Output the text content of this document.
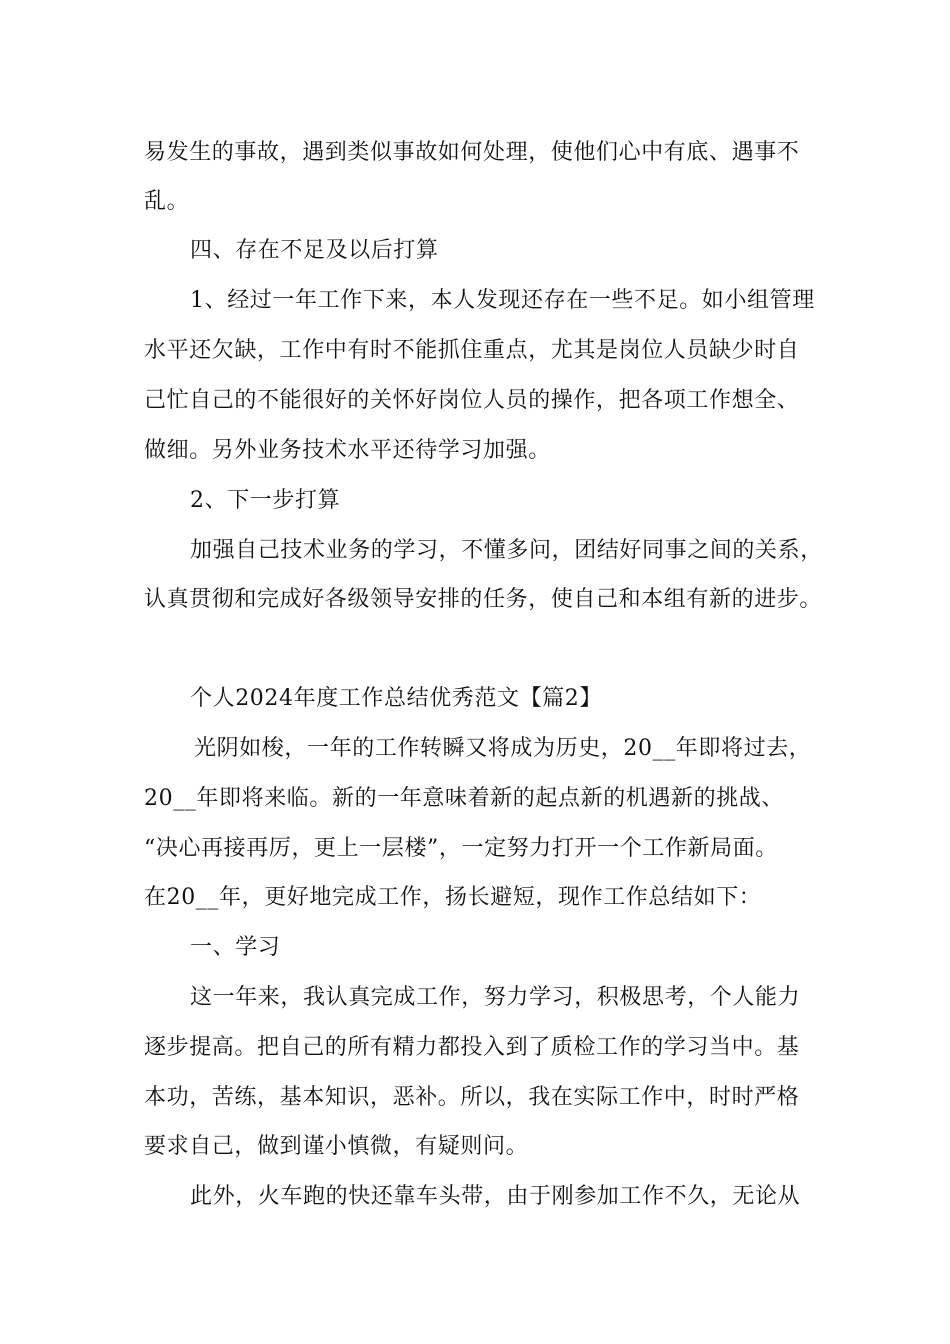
易发生的事故，遇到类似事故如何处理，使他们心中有底、遇事不
乱。
四、存在不足及以后打算
1、经过一年工作下来，本人发现还存在一些不足。如小组管理
水平还欠缺，工作中有时不能抓住重点，尤其是岗位人员缺少时自
己忙自己的不能很好的关怀好岗位人员的操作，把各项工作想全、
做细。另外业务技术水平还待学习加强。
2、下一步打算
加强自己技术业务的学习，不懂多问，团结好同事之间的关系，
认真贯彻和完成好各级领导安排的任务，使自己和本组有新的进步。
个人2024年度工作总结优秀范文【篇2】
光阴如梭，一年的工作转瞬又将成为历史，20__年即将过去，
20__年即将来临。新的一年意味着新的起点新的机遇新的挑战、
“决心再接再厉，更上一层楼”，一定努力打开一个工作新局面。
在20__年，更好地完成工作，扬长避短，现作工作总结如下：
一、学习
这一年来，我认真完成工作，努力学习，积极思考，个人能力
逐步提高。把自己的所有精力都投入到了质检工作的学习当中。基
本功，苦练，基本知识，恶补。所以，我在实际工作中，时时严格
要求自己，做到谨小慎微，有疑则问。
此外，火车跑的快还靠车头带，由于刚参加工作不久，无论从
